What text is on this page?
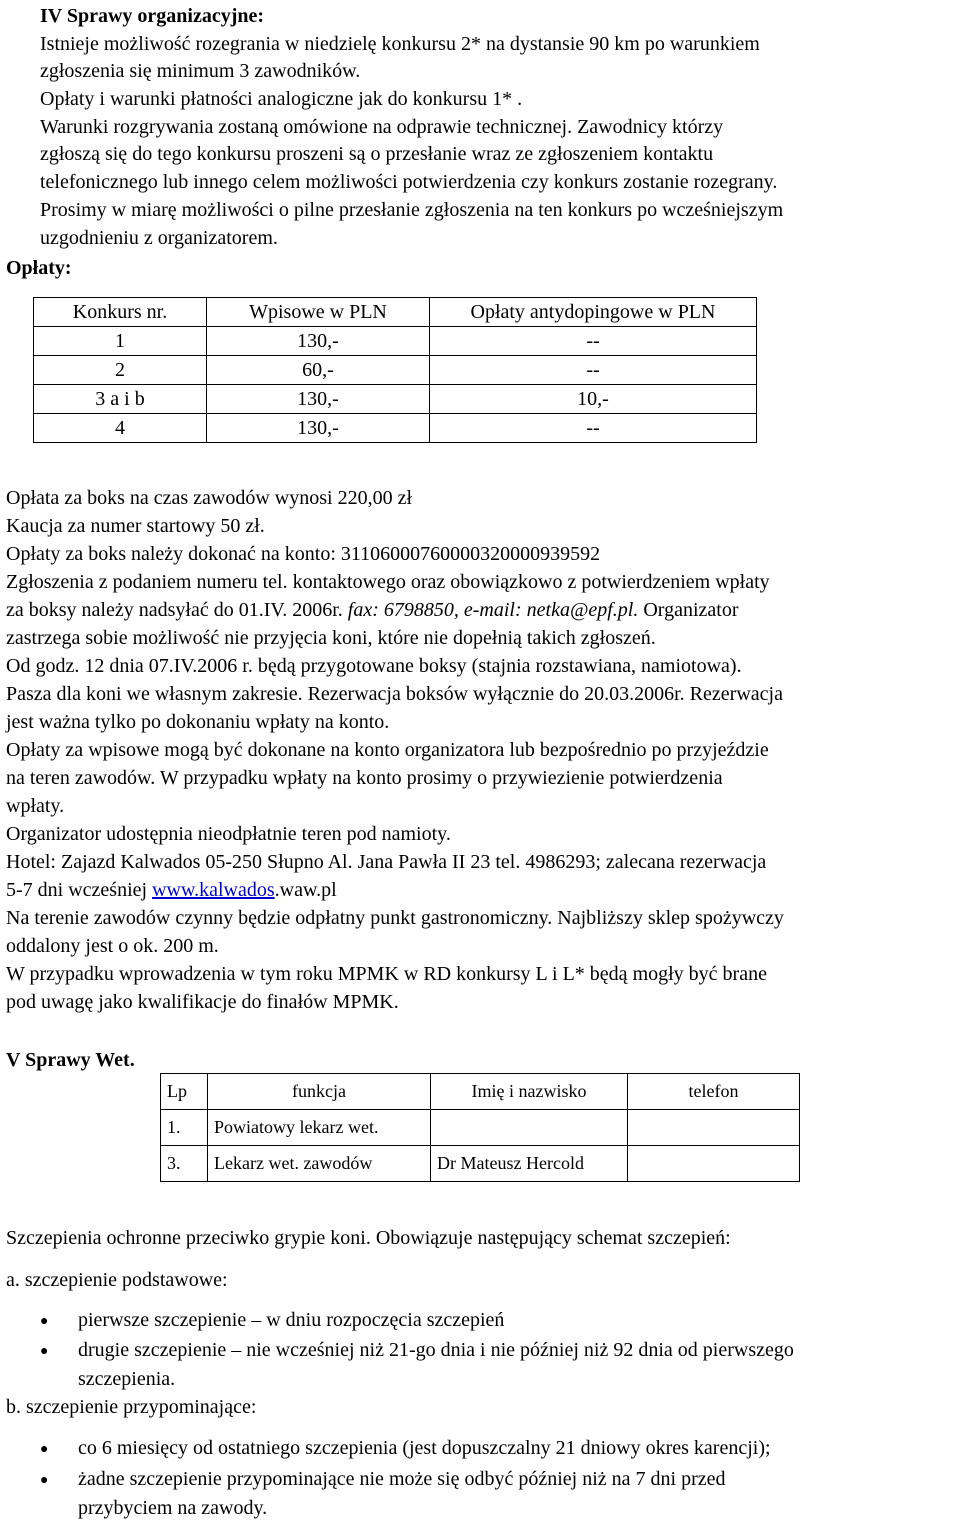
IV Sprawy organizacyjne:
Istnieje możliwość rozegrania w niedzielę konkursu 2* na dystansie 90 km po warunkiem
zgłoszenia się minimum 3 zawodników.
Opłaty i warunki płatności analogiczne jak do konkursu 1* .
Warunki rozgrywania zostaną omówione na odprawie technicznej. Zawodnicy którzy
zgłoszą się do tego konkursu proszeni są o przesłanie wraz ze zgłoszeniem kontaktu
telefonicznego lub innego celem możliwości potwierdzenia czy konkurs zostanie rozegrany.
Prosimy w miarę możliwości o pilne przesłanie zgłoszenia na ten konkurs po wcześniejszym
uzgodnieniu z organizatorem.
Opłaty:
Konkurs nr.	Wpisowe w PLN	Opłaty antydopingowe w PLN
1	130,-	--
2	60,-	--
3 a i b	130,-	10,-
4	130,-	--
Opłata za boks na czas zawodów wynosi 220,00 zł
Kaucja za numer startowy 50 zł.
Opłaty za boks należy dokonać na konto: 31106000760000320000939592
Zgłoszenia z podaniem numeru tel. kontaktowego oraz obowiązkowo z potwierdzeniem wpłaty
za boksy należy nadsyłać do 01.IV. 2006r. fax: 6798850, e-mail: netka@epf.pl. Organizator
zastrzega sobie możliwość nie przyjęcia koni, które nie dopełnią takich zgłoszeń.
Od godz. 12 dnia 07.IV.2006 r. będą przygotowane boksy (stajnia rozstawiana, namiotowa).
Pasza dla koni we własnym zakresie. Rezerwacja boksów wyłącznie do 20.03.2006r. Rezerwacja
jest ważna tylko po dokonaniu wpłaty na konto.
Opłaty za wpisowe mogą być dokonane na konto organizatora lub bezpośrednio po przyjeździe
na teren zawodów. W przypadku wpłaty na konto prosimy o przywiezienie potwierdzenia
wpłaty.
Organizator udostępnia nieodpłatnie teren pod namioty.
Hotel: Zajazd Kalwados 05-250 Słupno Al. Jana Pawła II 23 tel. 4986293; zalecana rezerwacja
5-7 dni wcześniej www.kalwados.waw.pl
Na terenie zawodów czynny będzie odpłatny punkt gastronomiczny. Najbliższy sklep spożywczy
oddalony jest o ok. 200 m.
W przypadku wprowadzenia w tym roku MPMK w RD konkursy L i L* będą mogły być brane
pod uwagę jako kwalifikacje do finałów MPMK.
V Sprawy Wet.
Lp	funkcja	Imię i nazwisko	telefon
1.	Powiatowy lekarz wet.		
3.	Lekarz wet. zawodów	Dr Mateusz Hercold	
Szczepienia ochronne przeciwko grypie koni. Obowiązuje następujący schemat szczepień:
a. szczepienie podstawowe:
● pierwsze szczepienie – w dniu rozpoczęcia szczepień
● drugie szczepienie – nie wcześniej niż 21-go dnia i nie później niż 92 dnia od pierwszego
szczepienia.
b. szczepienie przypominające:
● co 6 miesięcy od ostatniego szczepienia (jest dopuszczalny 21 dniowy okres karencji);
● żadne szczepienie przypominające nie może się odbyć później niż na 7 dni przed
przybyciem na zawody.
